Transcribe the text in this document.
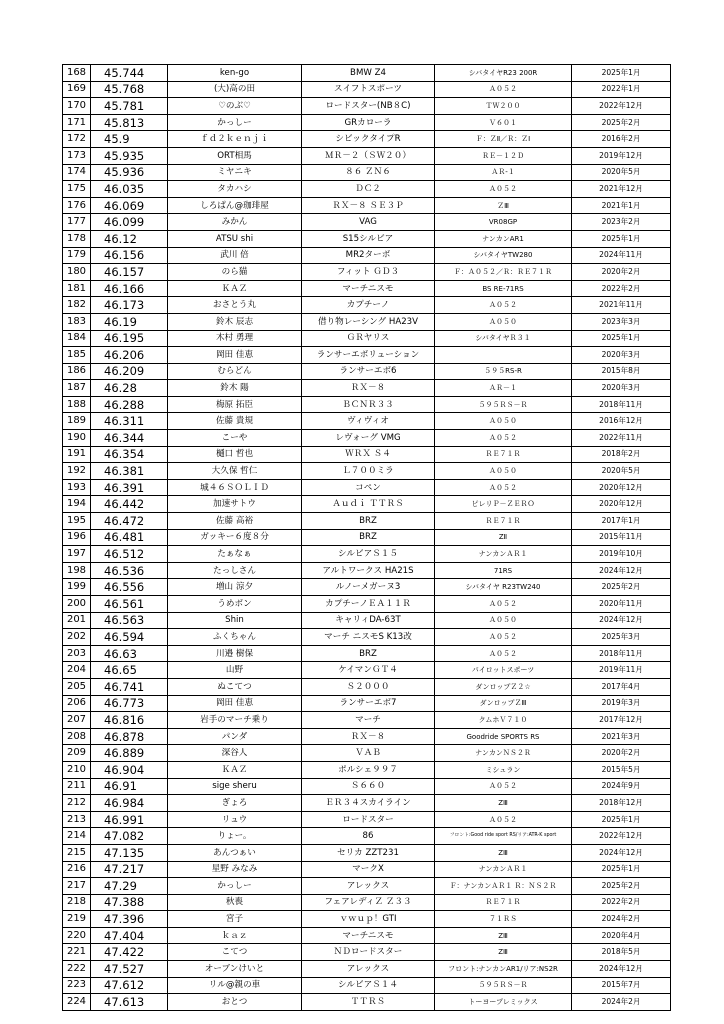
168	45.744	ken-go	BMW Z4	シバタイヤR23 200R	2025年1月
169	45.768	(大)高の田	スイフトスポーツ	Ａ０５２	2022年1月
170	45.781	♡のぶ♡	ロードスター(NB８C)	ＴＷ２００	2022年12月
171	45.813	かっしー	GRカローラ	Ｖ６０１	2025年2月
172	45.9	ｆｄ２ｋｅｎｊｉ	シビックタイプR	Ｆ：ＺⅡ／Ｒ：ＺI	2016年2月
173	45.935	ORT相馬	ＭＲ－２（ＳＷ２０）	ＲＥ－１２Ｄ	2019年12月
174	45.936	ミヤニキ	８６ ＺＮ６	ＡＲ-１	2020年5月
175	46.035	タカハシ	ＤＣ２	Ａ０５２	2021年12月
176	46.069	しろぱん@珈琲屋	ＲＸ－８ ＳＥ３Ｐ	ＺⅢ	2021年1月
177	46.099	みかん	VAG	VR08GP	2023年2月
178	46.12	ATSU shi	S15シルビア	ナンカンAR1	2025年1月
179	46.156	武川 倍	MR2ターボ	シバタイヤTW280	2024年11月
180	46.157	のら猫	フィット ＧＤ３	Ｆ：Ａ０５２／Ｒ：ＲＥ７１Ｒ	2020年2月
181	46.166	ＫＡＺ	マーチニスモ	BS RE-71RS	2022年2月
182	46.173	おさとう丸	カプチーノ	Ａ０５２	2021年11月
183	46.19	鈴木 辰志	借り物レーシング HA23V	Ａ０５０	2023年3月
184	46.195	木村 勇理	ＧＲヤリス	シバタイヤＲ３１	2025年1月
185	46.206	岡田 佳恵	ランサーエボリューション		2020年3月
186	46.209	むらどん	ランサーエボ6	５９５RS-R	2015年8月
187	46.28	鈴木 陽	ＲＸ－８	ＡＲ－１	2020年3月
188	46.288	梅原 拓臣	ＢＣＮＲ３３	５９５ＲＳ－Ｒ	2018年11月
189	46.311	佐藤 貴規	ヴィヴィオ	Ａ０５０	2016年12月
190	46.344	こーや	レヴォーグ VMG	Ａ０５２	2022年11月
191	46.354	樋口 哲也	ＷＲＸ Ｓ４	ＲＥ７１Ｒ	2018年2月
192	46.381	大久保 哲仁	Ｌ７００ミラ	Ａ０５０	2020年5月
193	46.391	城４６ＳＯＬＩＤ	コペン	Ａ０５２	2020年12月
194	46.442	加速サトウ	Ａｕｄｉ ＴＴＲＳ	ピレリＰ－ＺＥＲＯ	2020年12月
195	46.472	佐藤 高裕	BRZ	ＲＥ７１Ｒ	2017年1月
196	46.481	ガッキー６度８分	BRZ	ZⅡ	2015年11月
197	46.512	たぁなぁ	シルビアＳ１５	ナンカンＡＲ１	2019年10月
198	46.536	たっしさん	アルトワークス HA21S	71RS	2024年12月
199	46.556	増山 涼夕	ルノーメガーヌ3	シバタイヤ R23TW240	2025年2月
200	46.561	うめボン	カプチーノＥＡ１１Ｒ	Ａ０５２	2020年11月
201	46.563	Shin	キャリィDA-63T	Ａ０５０	2024年12月
202	46.594	ふくちゃん	マーチ ニスモS K13改	Ａ０５２	2025年3月
203	46.63	川邉 樹保	BRZ	Ａ０５２	2018年11月
204	46.65	山野	ケイマンＧＴ４	パイロットスポーツ	2019年11月
205	46.741	ぬこてつ	Ｓ２０００	ダンロップＺ２☆	2017年4月
206	46.773	岡田 佳恵	ランサーエボ7	ダンロップＺⅢ	2019年3月
207	46.816	岩手のマーチ乗り	マーチ	クムホＶ７１０	2017年12月
208	46.878	パンダ	ＲＸ－８	Goodride SPORTS RS	2021年3月
209	46.889	深谷人	ＶＡＢ	ナンカンＮＳ２Ｒ	2020年2月
210	46.904	ＫＡＺ	ポルシェ９９７	ミシュラン	2015年5月
211	46.91	sige sheru	Ｓ６６０	Ａ０５２	2024年9月
212	46.984	ぎょろ	ＥＲ３４スカイライン	ZⅢ	2018年12月
213	46.991	リュウ	ロードスター	Ａ０５２	2025年1月
214	47.082	りょー。	86	フロント:Good ride sport RS/リア:ATR-K sport	2022年12月
215	47.135	あんつぁい	セリカ ZZT231	ZⅢ	2024年12月
216	47.217	星野 みなみ	マークX	ナンカンＡＲ１	2025年1月
217	47.29	かっしー	アレックス	Ｆ：ナンカンＡＲ１ Ｒ：ＮＳ２Ｒ	2025年2月
218	47.388	秋喪	フェアレディＺ Ｚ３３	ＲＥ７１Ｒ	2022年2月
219	47.396	宮子	ｖｗｕｐ！GTI	７１ＲＳ	2024年2月
220	47.404	ｋａｚ	マーチニスモ	ZⅢ	2020年4月
221	47.422	こてつ	ＮＤロードスター	ZⅢ	2018年5月
222	47.527	オーブンけいと	アレックス	フロント:ナンカンAR1/リア:NS2R	2024年12月
223	47.612	リル@親の車	シルビアＳ１４	５９５ＲＳ－Ｒ	2015年7月
224	47.613	おとつ	ＴＴＲＳ	トーヨープレミックス	2024年2月
